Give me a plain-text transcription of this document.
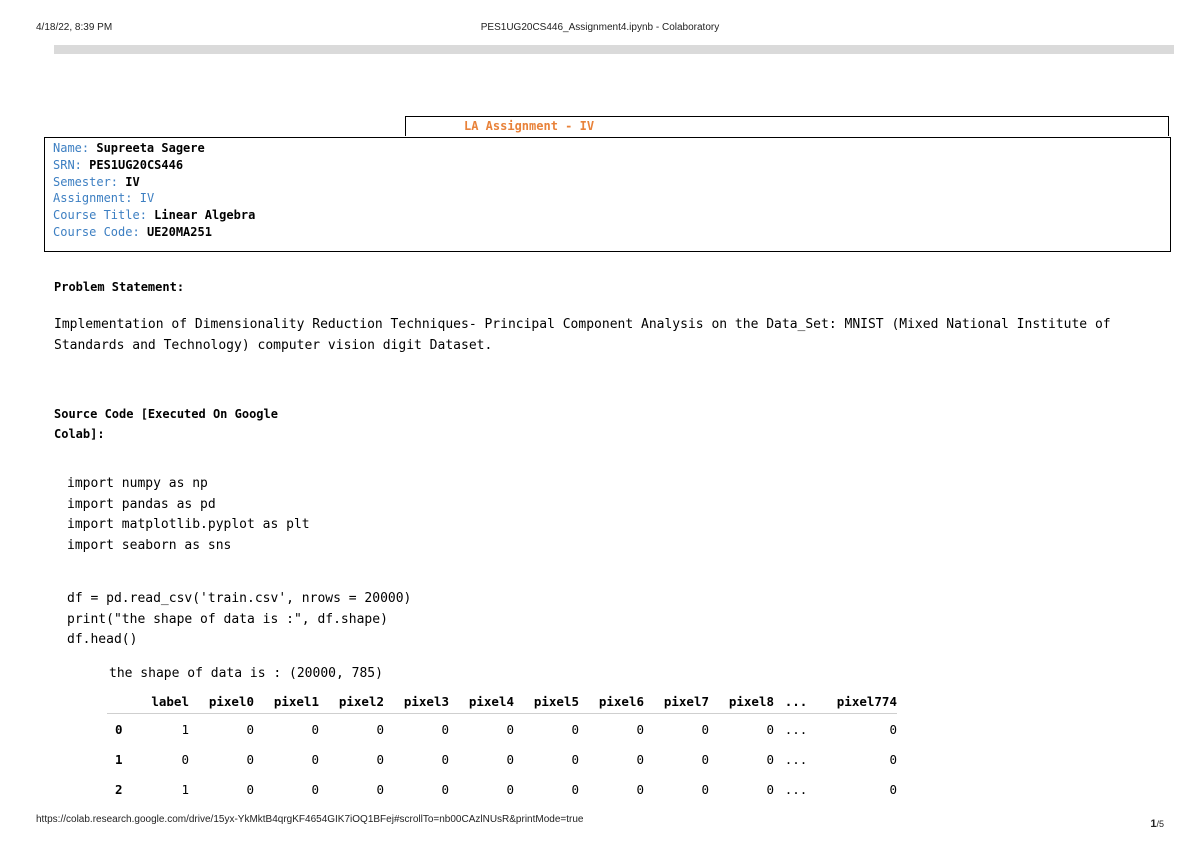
4/18/22, 8:39 PM	PES1UG20CS446_Assignment4.ipynb - Colaboratory
LA Assignment - IV
Name: Supreeta Sagere
SRN: PES1UG20CS446
Semester: IV
Assignment: IV
Course Title: Linear Algebra
Course Code: UE20MA251
Problem Statement:
Implementation of Dimensionality Reduction Techniques- Principal Component Analysis on the Data_Set: MNIST (Mixed National Institute of Standards and Technology) computer vision digit Dataset.
Source Code [Executed On Google Colab]:
import numpy as np
import pandas as pd
import matplotlib.pyplot as plt
import seaborn as sns
df = pd.read_csv('train.csv', nrows = 20000)
print("the shape of data is :", df.shape)
df.head()
the shape of data is : (20000, 785)
	label	pixel0	pixel1	pixel2	pixel3	pixel4	pixel5	pixel6	pixel7	pixel8	...	pixel774
0	1	0	0	0	0	0	0	0	0	0	...	0
1	0	0	0	0	0	0	0	0	0	0	...	0
2	1	0	0	0	0	0	0	0	0	0	...	0
https://colab.research.google.com/drive/15yx-YkMktB4qrgKF4654GIK7iOQ1BFej#scrollTo=nb00CAzlNUsR&printMode=true	1/5
